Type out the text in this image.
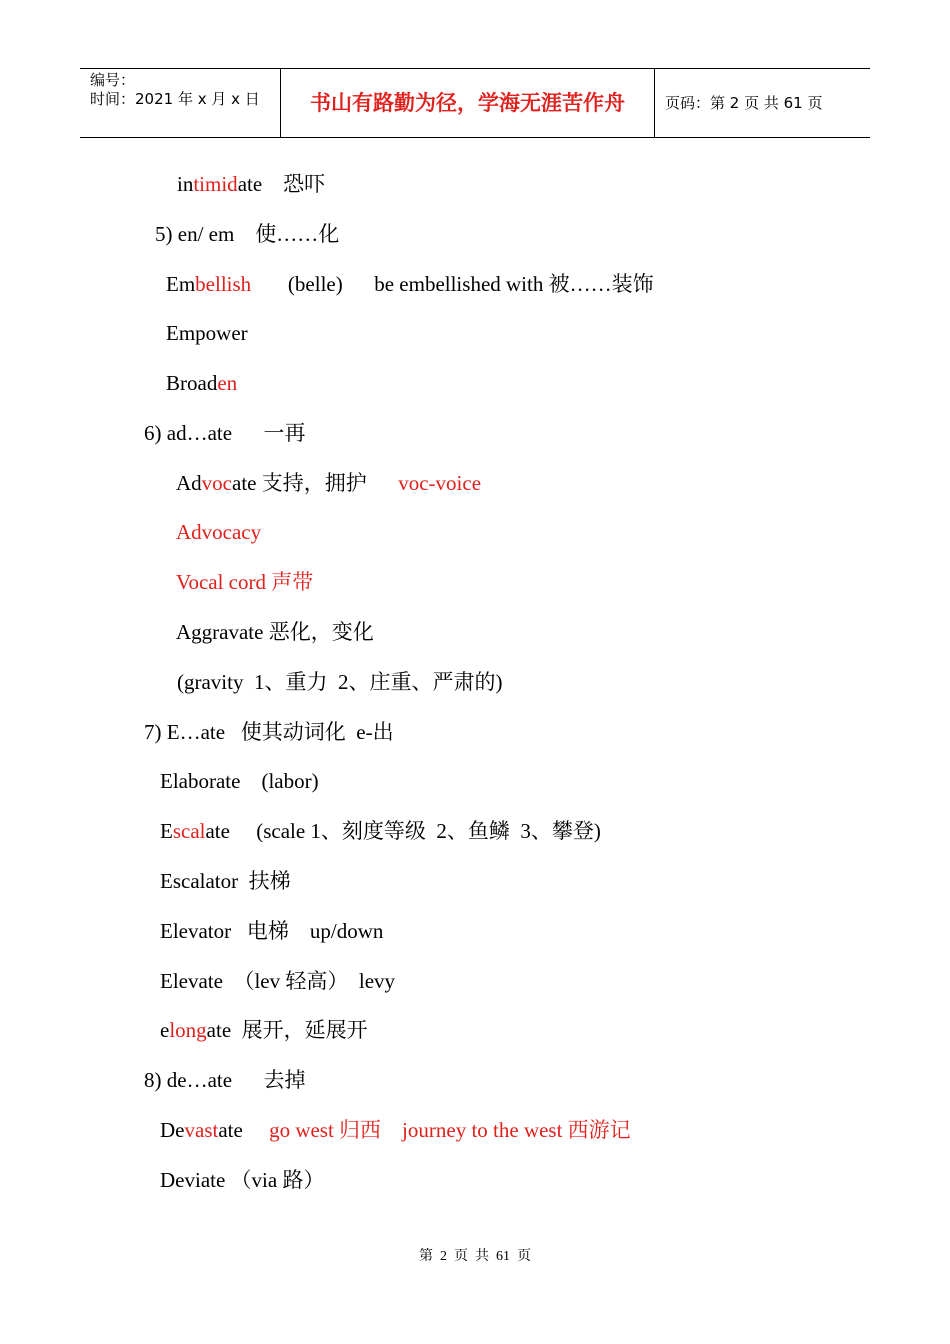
编号：
时间：2021 年 x 月 x 日	书山有路勤为径，学海无涯苦作舟	页码：第 2 页 共 61 页
intimidate    恐吓
5) en/ em    使……化
Embellish       (belle)      be embellished with 被……装饰
Empower
Broaden
6) ad…ate      一再
Advocate 支持，拥护      voc-voice
Advocacy
Vocal cord 声带
Aggravate 恶化，变化
(gravity  1、重力  2、庄重、严肃的)
7) E…ate   使其动词化  e-出
Elaborate    (labor)
Escalate     (scale 1、刻度等级  2、鱼鳞  3、攀登)
Escalator  扶梯
Elevator   电梯    up/down
Elevate  （lev 轻高）  levy
elongate  展开，延展开
8) de…ate      去掉
Devastate     go west 归西    journey to the west 西游记
Deviate （via 路）
第  2  页  共  61  页
